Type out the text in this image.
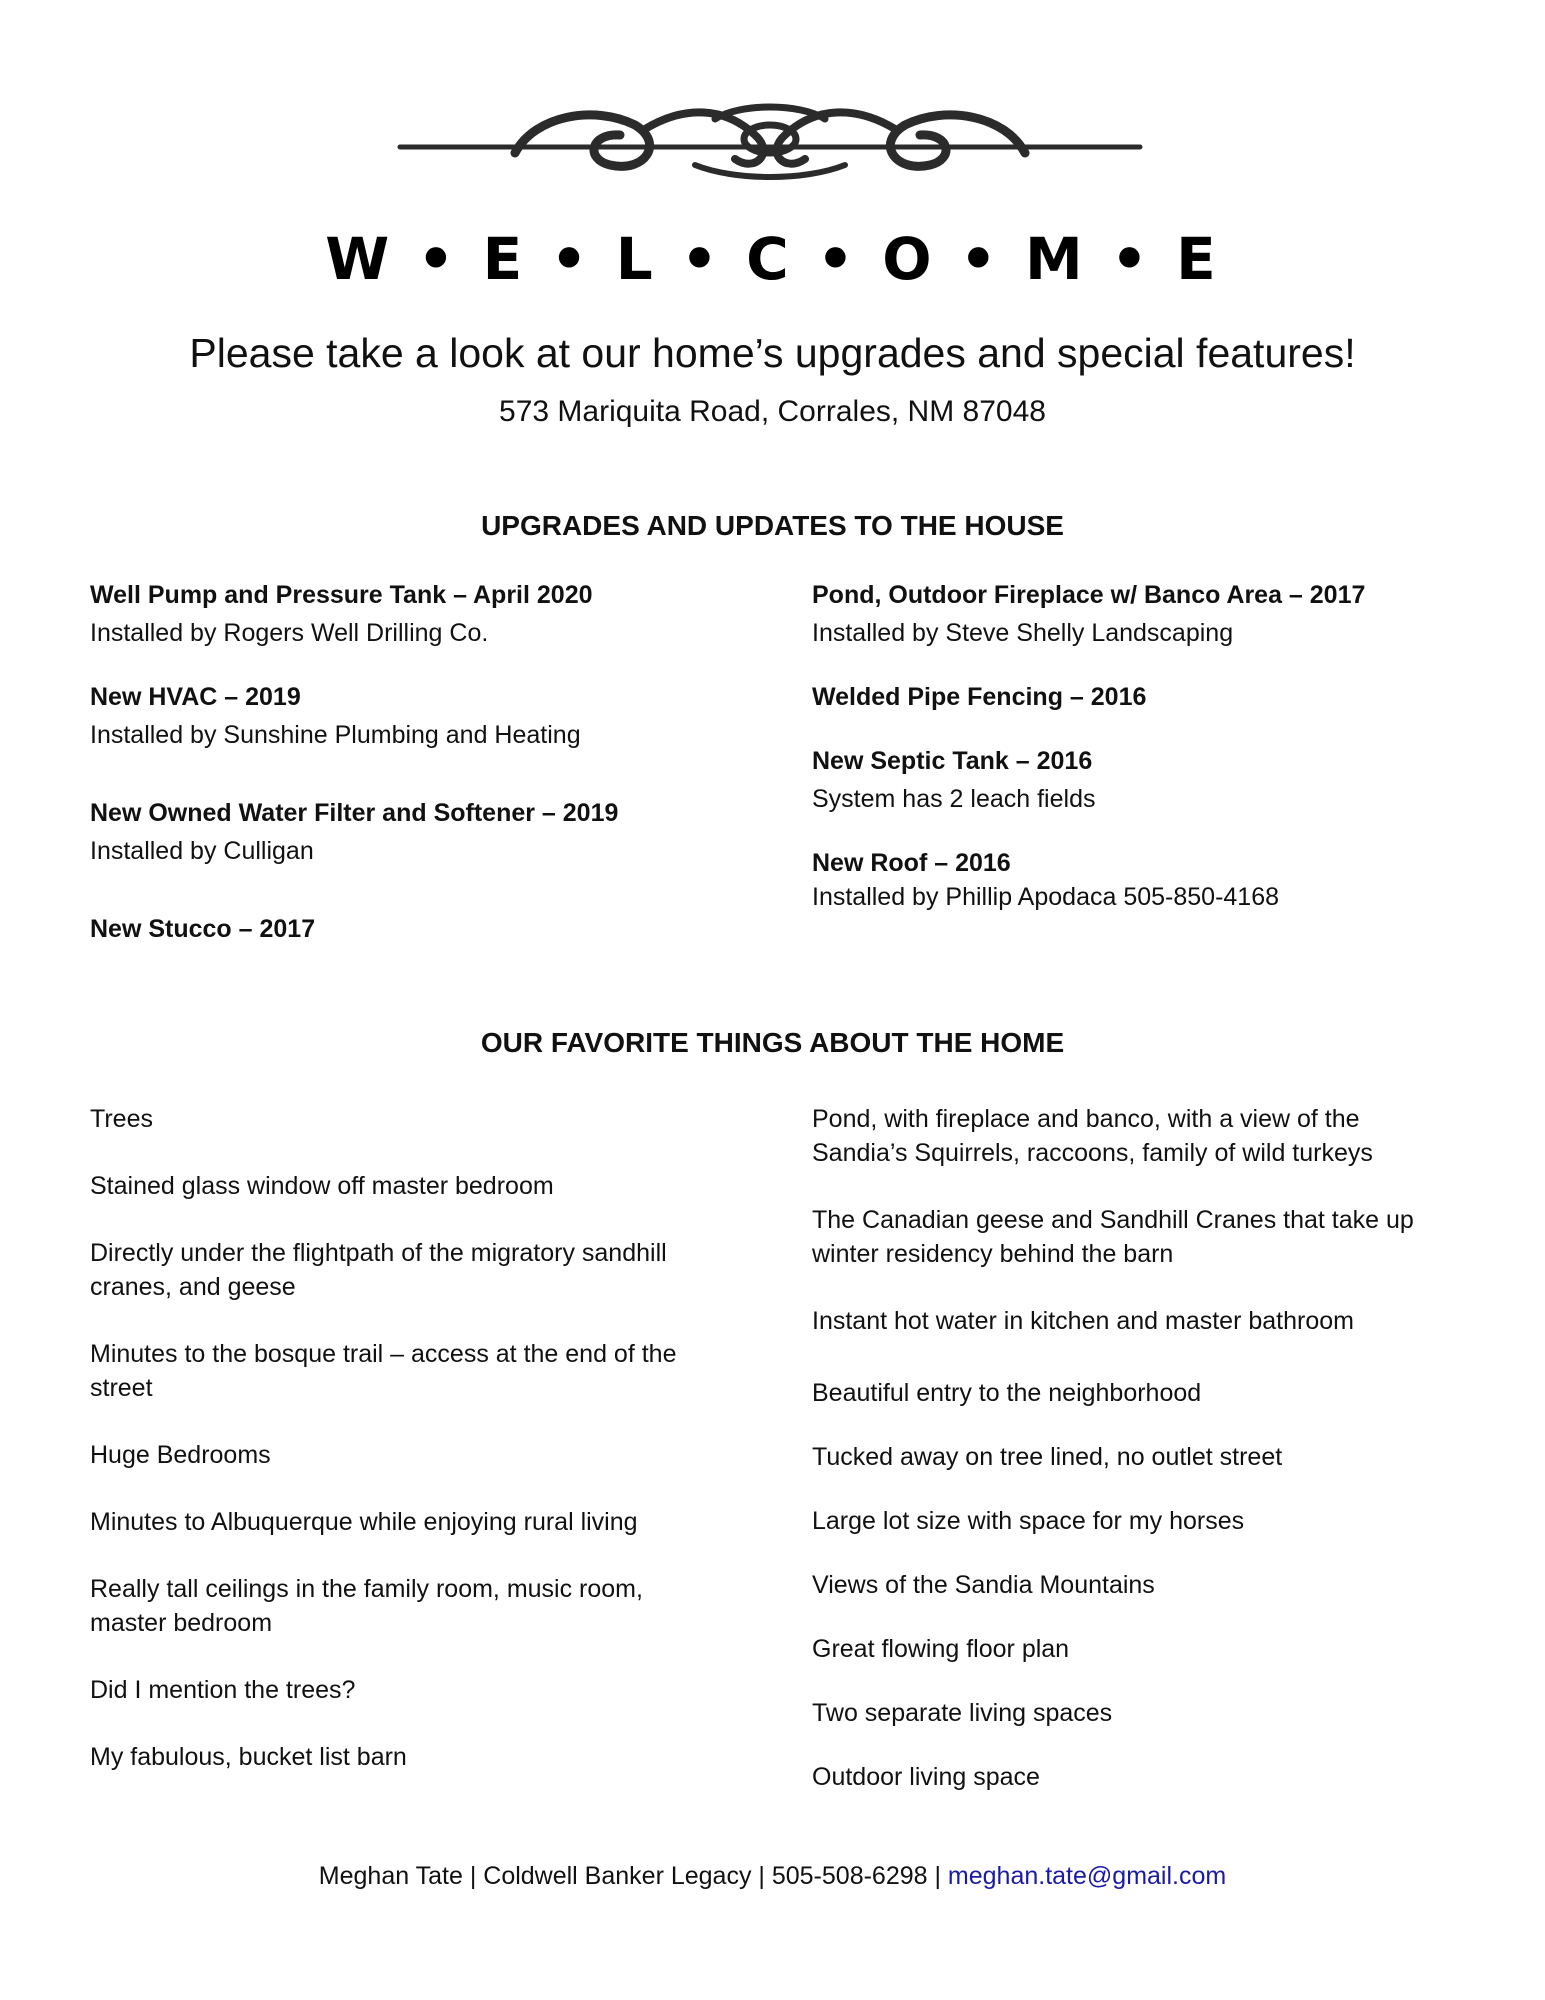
W • E • L • C • O • M • E
Please take a look at our home’s upgrades and special features!
573 Mariquita Road, Corrales, NM 87048
UPGRADES AND UPDATES TO THE HOUSE
Well Pump and Pressure Tank – April 2020
Installed by Rogers Well Drilling Co.
New HVAC – 2019
Installed by Sunshine Plumbing and Heating
New Owned Water Filter and Softener – 2019
Installed by Culligan
New Stucco – 2017
Pond, Outdoor Fireplace w/ Banco Area – 2017
Installed by Steve Shelly Landscaping
Welded Pipe Fencing – 2016
New Septic Tank – 2016
System has 2 leach fields
New Roof – 2016
Installed by Phillip Apodaca 505-850-4168
OUR FAVORITE THINGS ABOUT THE HOME
Trees
Stained glass window off master bedroom
Directly under the flightpath of the migratory sandhill cranes, and geese
Minutes to the bosque trail – access at the end of the street
Huge Bedrooms
Minutes to Albuquerque while enjoying rural living
Really tall ceilings in the family room, music room, master bedroom
Did I mention the trees?
My fabulous, bucket list barn
Pond, with fireplace and banco, with a view of the Sandia’s Squirrels, raccoons, family of wild turkeys
The Canadian geese and Sandhill Cranes that take up winter residency behind the barn
Instant hot water in kitchen and master bathroom
Beautiful entry to the neighborhood
Tucked away on tree lined, no outlet street
Large lot size with space for my horses
Views of the Sandia Mountains
Great flowing floor plan
Two separate living spaces
Outdoor living space
Meghan Tate | Coldwell Banker Legacy | 505-508-6298 | meghan.tate@gmail.com
